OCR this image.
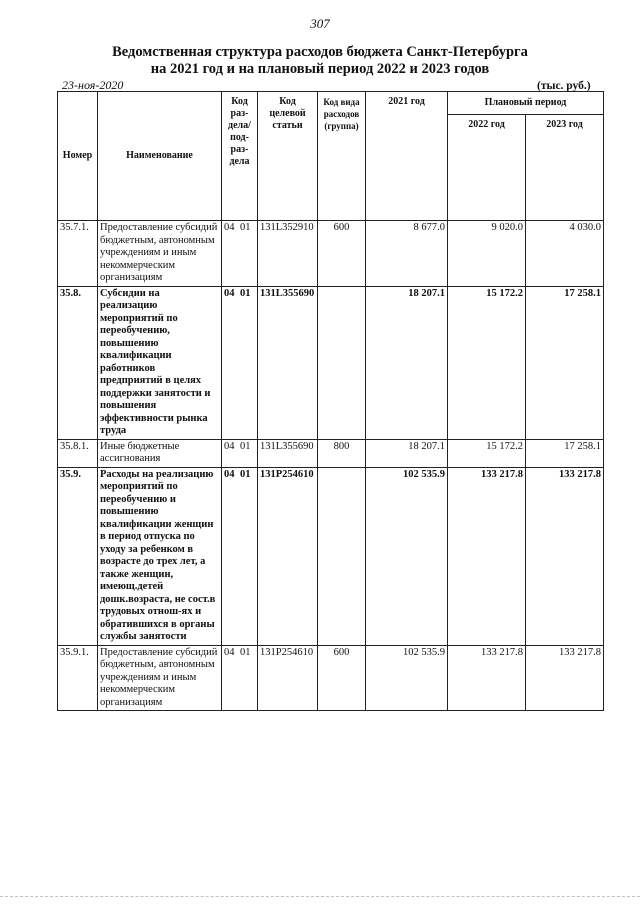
307
Ведомственная структура расходов бюджета Санкт-Петербурга
на 2021 год и на плановый период 2022 и 2023 годов
23-ноя-2020	(тыс. руб.)
Номер	Наименование	Код раз-дела/под-раз-дела	Код целевой статьи	Код вида расходов (группа)	2021 год	Плановый период	
						2022 год	2023 год
35.7.1.	Предоставление субсидий бюджетным, автономным учреждениям и иным некоммерческим организациям	04 01	131L352910	600	8 677.0	9 020.0	4 030.0
35.8.	Субсидии на реализацию мероприятий по переобучению, повышению квалификации работников предприятий в целях поддержки занятости и повышения эффективности рынка труда	04 01	131L355690		18 207.1	15 172.2	17 258.1
35.8.1.	Иные бюджетные ассигнования	04 01	131L355690	800	18 207.1	15 172.2	17 258.1
35.9.	Расходы на реализацию мероприятий по переобучению и повышению квалификации женщин в период отпуска по уходу за ребенком в возрасте до трех лет, а также женщин, имеющ.детей дошк.возраста, не сост.в трудовых отнош-ях и обратившихся в органы службы занятости	04 01	131P254610		102 535.9	133 217.8	133 217.8
35.9.1.	Предоставление субсидий бюджетным, автономным учреждениям и иным некоммерческим организациям	04 01	131P254610	600	102 535.9	133 217.8	133 217.8
